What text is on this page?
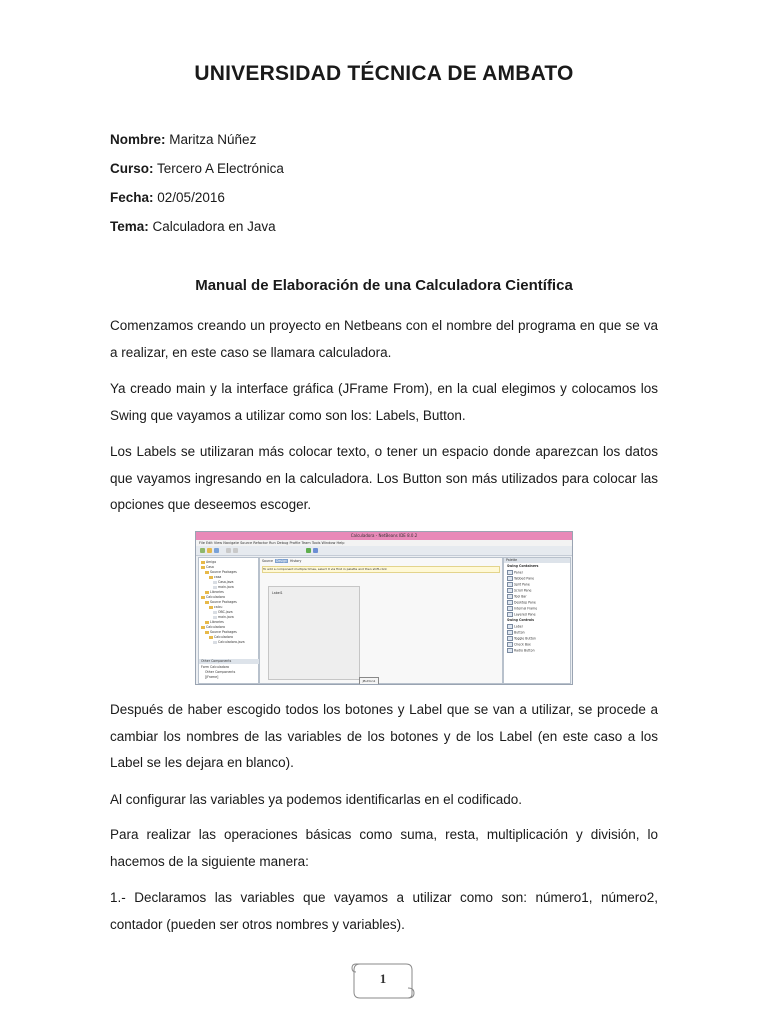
UNIVERSIDAD TÉCNICA DE AMBATO
Nombre: Maritza Núñez
Curso: Tercero A Electrónica
Fecha: 02/05/2016
Tema: Calculadora en Java
Manual de Elaboración de una Calculadora Científica

Comenzamos creando un proyecto en Netbeans con el nombre del programa en que se va a realizar, en este caso se llamara calculadora.

Ya creado main y la interface gráfica (JFrame From), en la cual elegimos y colocamos los Swing que vayamos a utilizar como son los: Labels, Button.

Los Labels se utilizaran más colocar texto, o tener un espacio donde aparezcan los datos que vayamos ingresando en la calculadora. Los Button son más utilizados para colocar las opciones que deseemos escoger.

Calculadora - NetBeans IDE 8.0.2
File Edit View Navigate Source Refactor Run Debug Profile Team Tools Window Help
Amigo
Casa
Source Packages
casa
Casa.java
main.java
Libraries
Calculadora
Source Packages
calcu
OBC.java
main.java
Libraries
Calculadora
Source Packages
Calculadora
Calculadora.java
Other Components
Form Calculadora
Other Components
[JFrame]
Source Design History
To add a component multiple times, select it via first in palette and then shift-click
Label1
jButton1
Palette
Swing Containers
Panel
Tabbed Pane
Split Pane
Scroll Pane
Tool Bar
Desktop Pane
Internal Frame
Layered Pane
Swing Controls
Label
Button
Toggle Button
Check Box
Radio Button

Después de haber escogido todos los botones y Label que se van a utilizar, se procede a cambiar los nombres de las variables de los botones y de los Label (en este caso a los Label se les dejara en blanco).

Al configurar las variables ya podemos identificarlas en el codificado.

Para realizar las operaciones básicas como suma, resta, multiplicación y división, lo hacemos de la siguiente manera:

1.- Declaramos las variables que vayamos a utilizar como son: número1, número2, contador (pueden ser otros nombres y variables).

1
